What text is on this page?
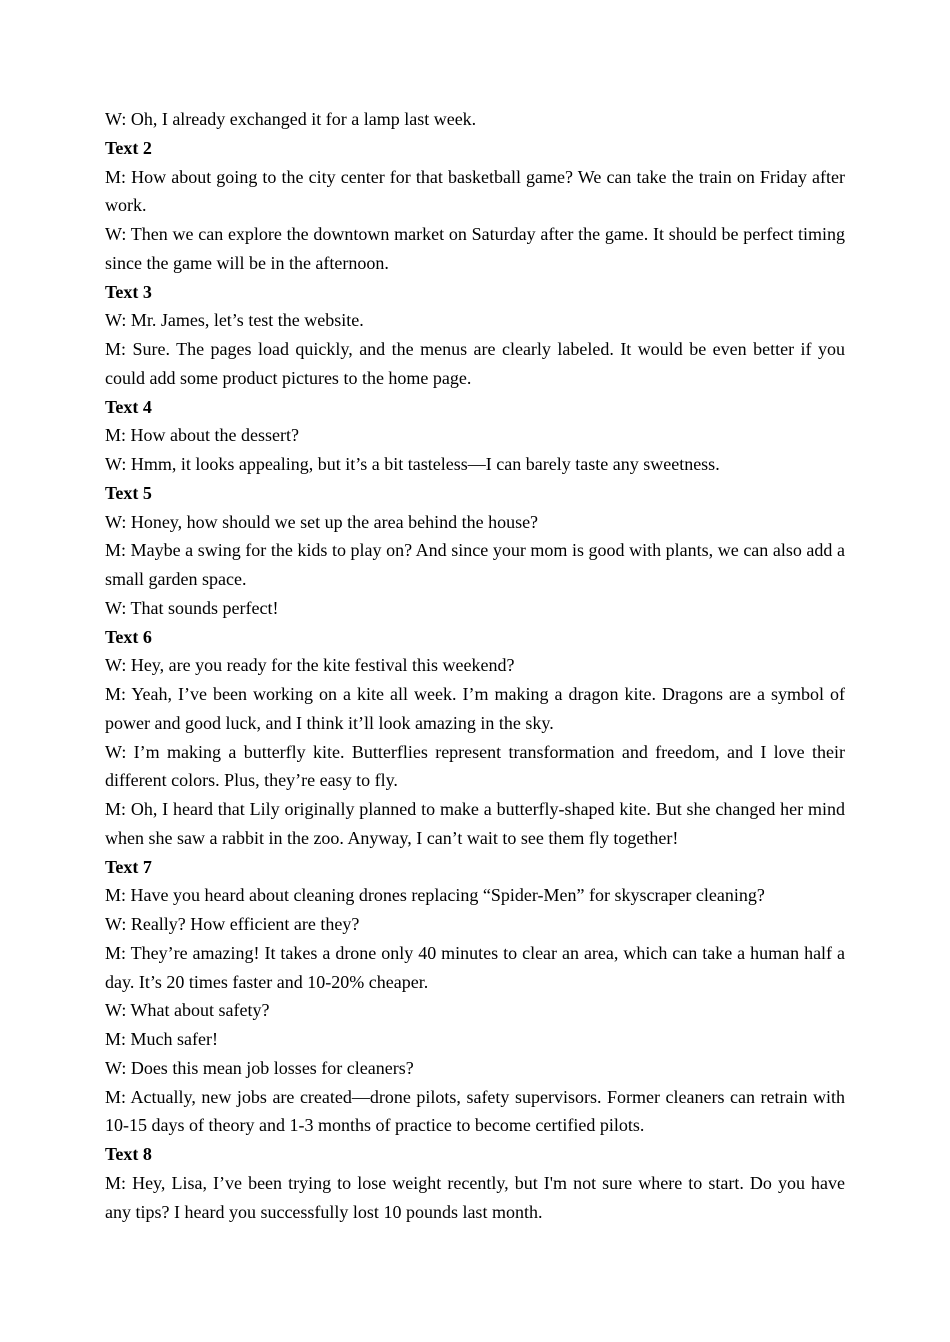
W: Oh, I already exchanged it for a lamp last week.

Text 2

M: How about going to the city center for that basketball game? We can take the train on Friday after work.

W: Then we can explore the downtown market on Saturday after the game. It should be perfect timing since the game will be in the afternoon.

Text 3

W: Mr. James, let’s test the website.

M: Sure. The pages load quickly, and the menus are clearly labeled. It would be even better if you could add some product pictures to the home page.

Text 4

M: How about the dessert?

W: Hmm, it looks appealing, but it’s a bit tasteless—I can barely taste any sweetness.

Text 5

W: Honey, how should we set up the area behind the house?

M: Maybe a swing for the kids to play on? And since your mom is good with plants, we can also add a small garden space.

W: That sounds perfect!

Text 6

W: Hey, are you ready for the kite festival this weekend?

M: Yeah, I’ve been working on a kite all week. I’m making a dragon kite. Dragons are a symbol of power and good luck, and I think it’ll look amazing in the sky.

W: I’m making a butterfly kite. Butterflies represent transformation and freedom, and I love their different colors. Plus, they’re easy to fly.

M: Oh, I heard that Lily originally planned to make a butterfly-shaped kite. But she changed her mind when she saw a rabbit in the zoo. Anyway, I can’t wait to see them fly together!

Text 7

M: Have you heard about cleaning drones replacing “Spider-Men” for skyscraper cleaning?

W: Really? How efficient are they?

M: They’re amazing! It takes a drone only 40 minutes to clear an area, which can take a human half a day. It’s 20 times faster and 10-20% cheaper.

W: What about safety?

M: Much safer!

W: Does this mean job losses for cleaners?

M: Actually, new jobs are created—drone pilots, safety supervisors. Former cleaners can retrain with 10-15 days of theory and 1-3 months of practice to become certified pilots.

Text 8

M: Hey, Lisa, I’ve been trying to lose weight recently, but I'm not sure where to start. Do you have any tips? I heard you successfully lost 10 pounds last month.
